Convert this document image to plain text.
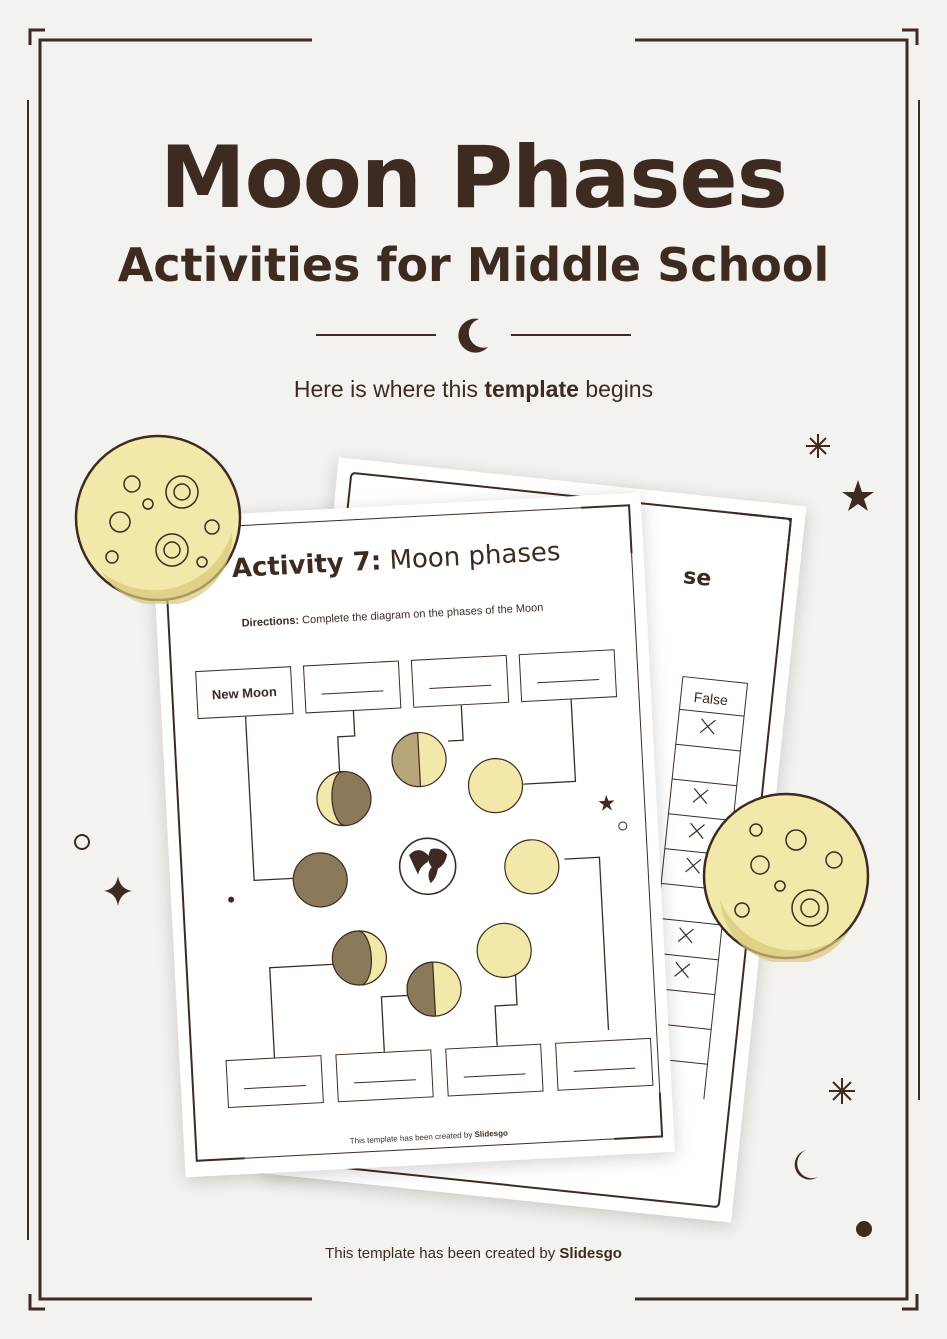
Moon Phases
Activities for Middle School
Here is where this template begins
se
False
Activity 7: Moon phases
Directions: Complete the diagram on the phases of the Moon
New Moon
This template has been created by Slidesgo
This template has been created by Slidesgo
